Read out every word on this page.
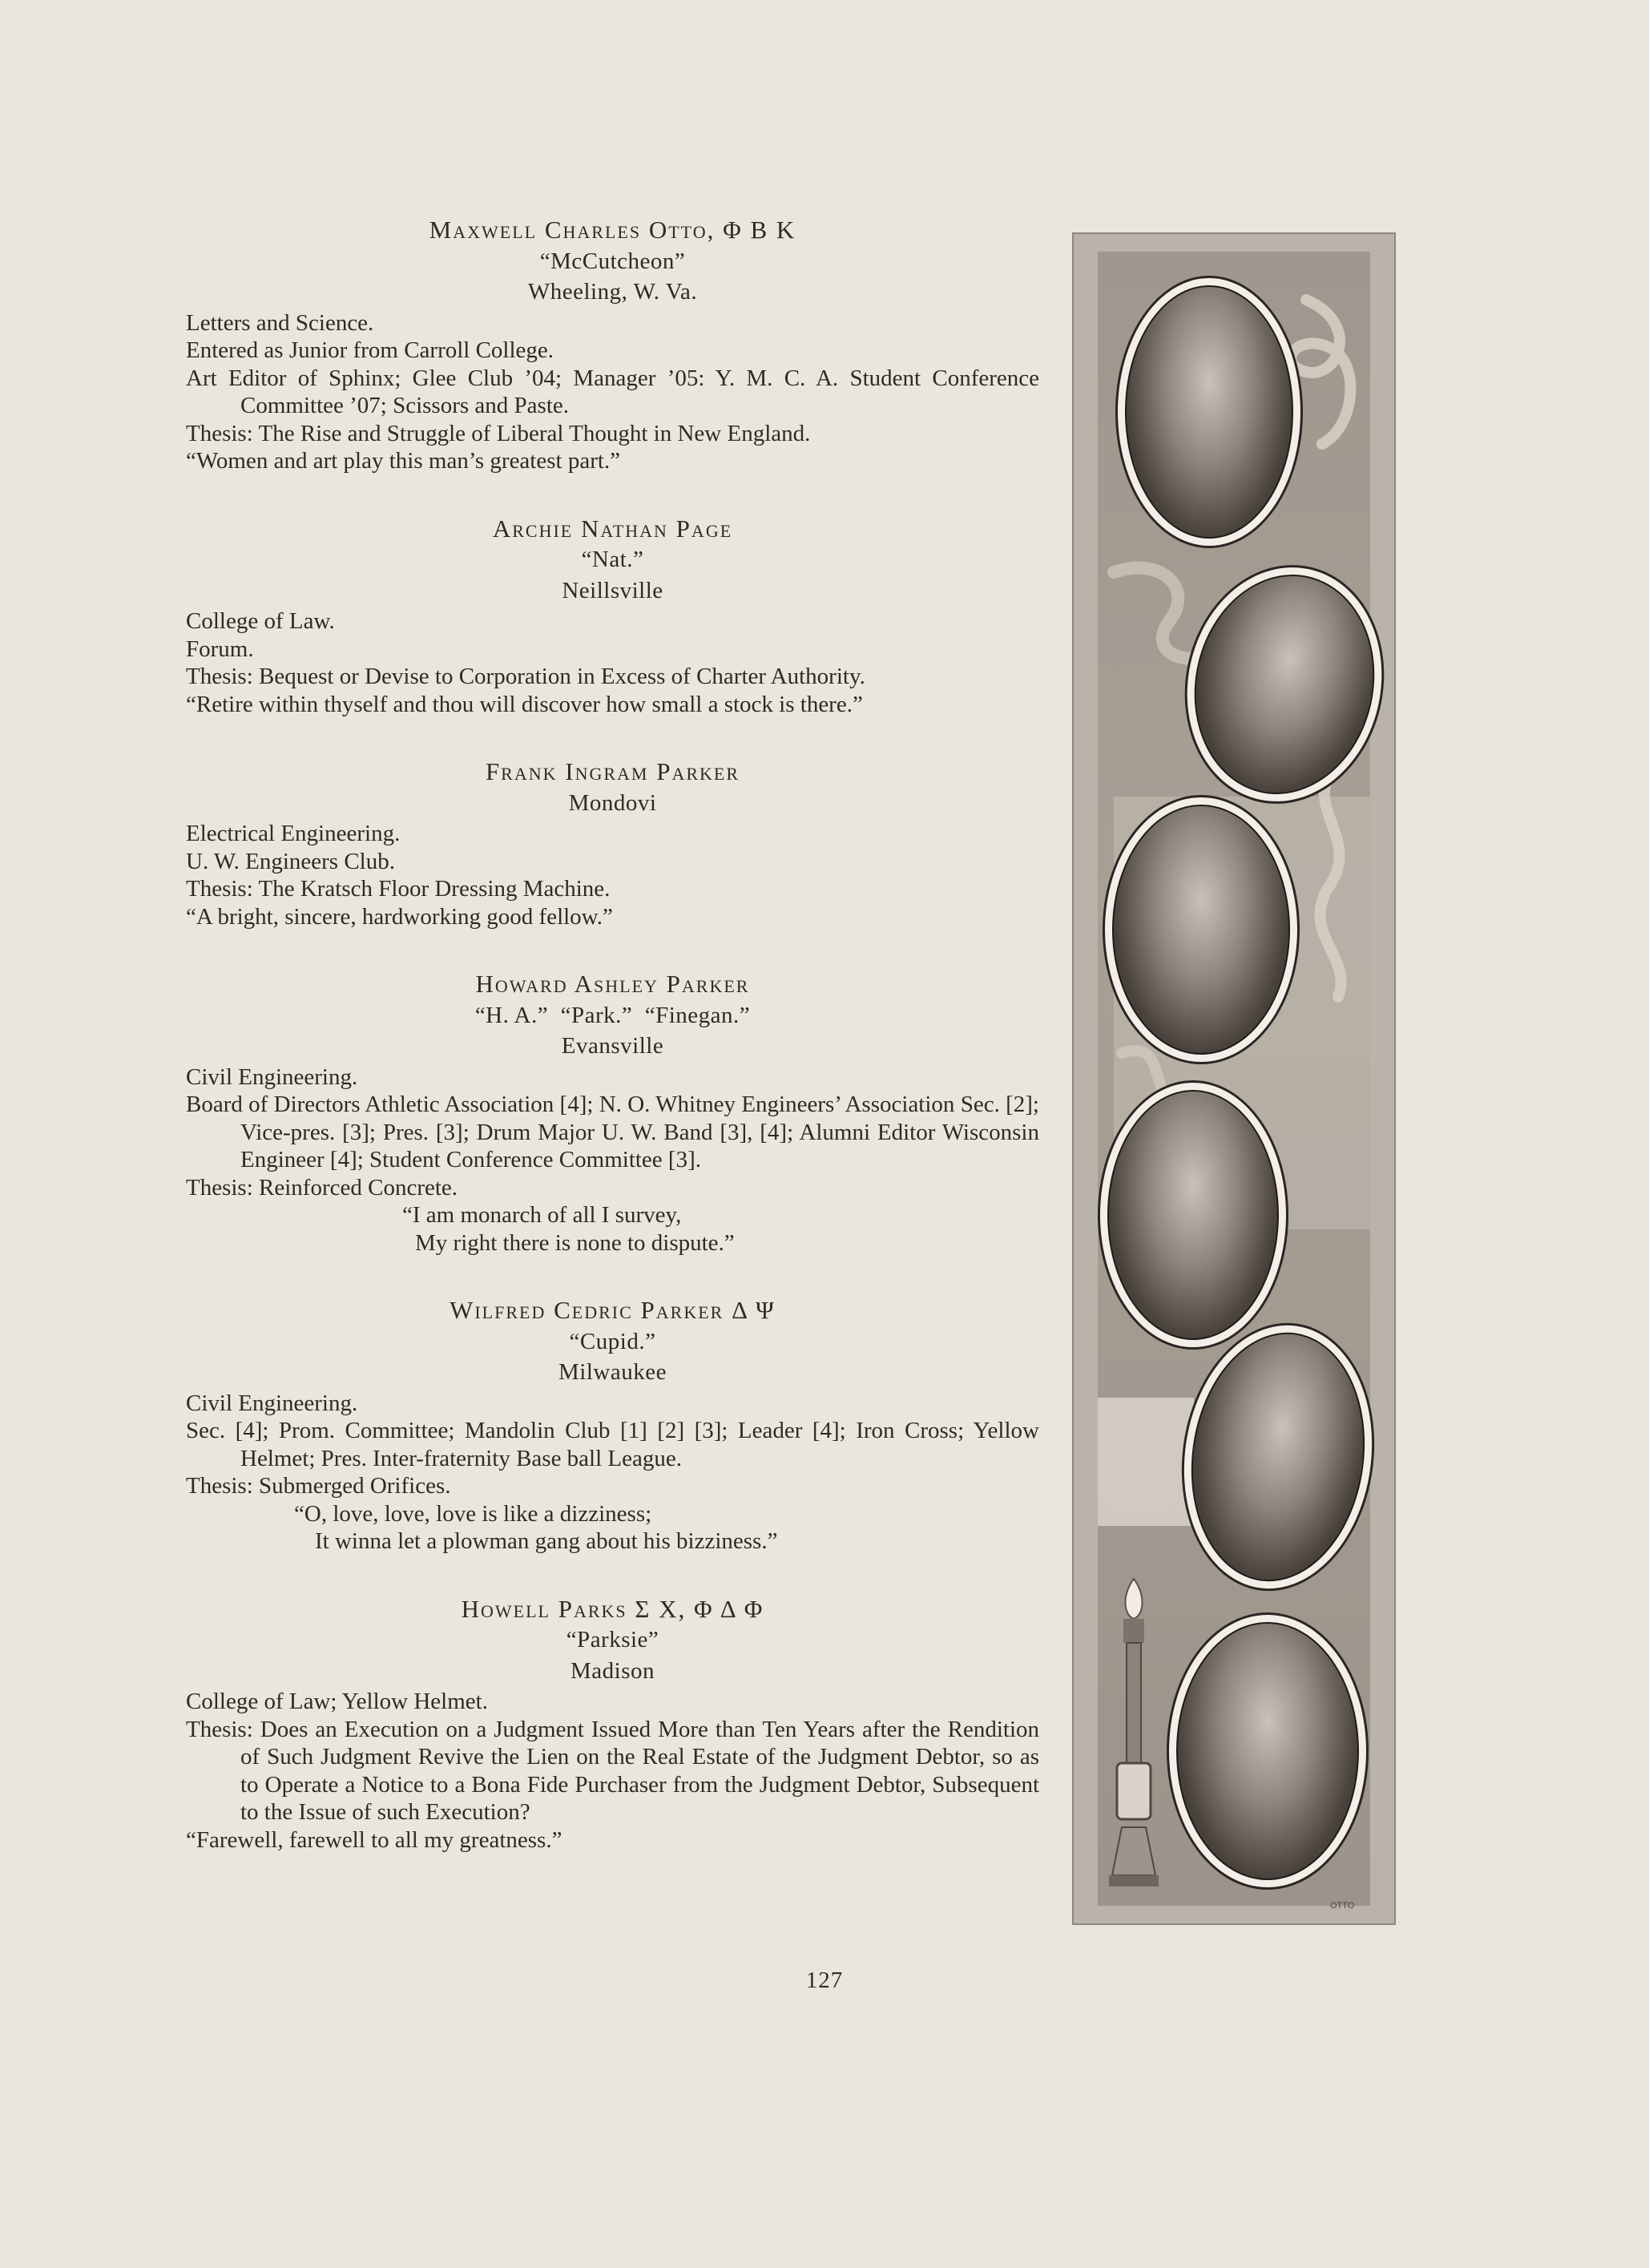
Maxwell Charles Otto, Φ Β Κ
“McCutcheon”
Wheeling, W. Va.
Letters and Science.
Entered as Junior from Carroll College.
Art Editor of Sphinx; Glee Club ’04; Manager ’05: Y. M. C. A. Student Conference Committee ’07; Scissors and Paste.
Thesis: The Rise and Struggle of Liberal Thought in New England.
“Women and art play this man’s greatest part.”
Archie Nathan Page
“Nat.”
Neillsville
College of Law.
Forum.
Thesis: Bequest or Devise to Corporation in Excess of Charter Authority.
“Retire within thyself and thou will discover how small a stock is there.”
Frank Ingram Parker
Mondovi
Electrical Engineering.
U. W. Engineers Club.
Thesis: The Kratsch Floor Dressing Machine.
“A bright, sincere, hardworking good fellow.”
Howard Ashley Parker
“H. A.”  “Park.”  “Finegan.”
Evansville
Civil Engineering.
Board of Directors Athletic Association [4]; N. O. Whitney Engineers’ Association Sec. [2]; Vice-pres. [3]; Pres. [3]; Drum Major U. W. Band [3], [4]; Alumni Editor Wisconsin Engineer [4]; Student Conference Committee [3].
Thesis: Reinforced Concrete.
“I am monarch of all I survey,
My right there is none to dispute.”
Wilfred Cedric Parker Δ Ψ
“Cupid.”
Milwaukee
Civil Engineering.
Sec. [4]; Prom. Committee; Mandolin Club [1] [2] [3]; Leader [4]; Iron Cross; Yellow Helmet; Pres. Inter-fraternity Base ball League.
Thesis: Submerged Orifices.
“O, love, love, love is like a dizziness;
It winna let a plowman gang about his bizziness.”
Howell Parks Σ Χ, Φ Δ Φ
“Parksie”
Madison
College of Law; Yellow Helmet.
Thesis: Does an Execution on a Judgment Issued More than Ten Years after the Rendition of Such Judgment Revive the Lien on the Real Estate of the Judgment Debtor, so as to Operate a Notice to a Bona Fide Purchaser from the Judgment Debtor, Subsequent to the Issue of such Execution?
“Farewell, farewell to all my greatness.”
OTTO
127
